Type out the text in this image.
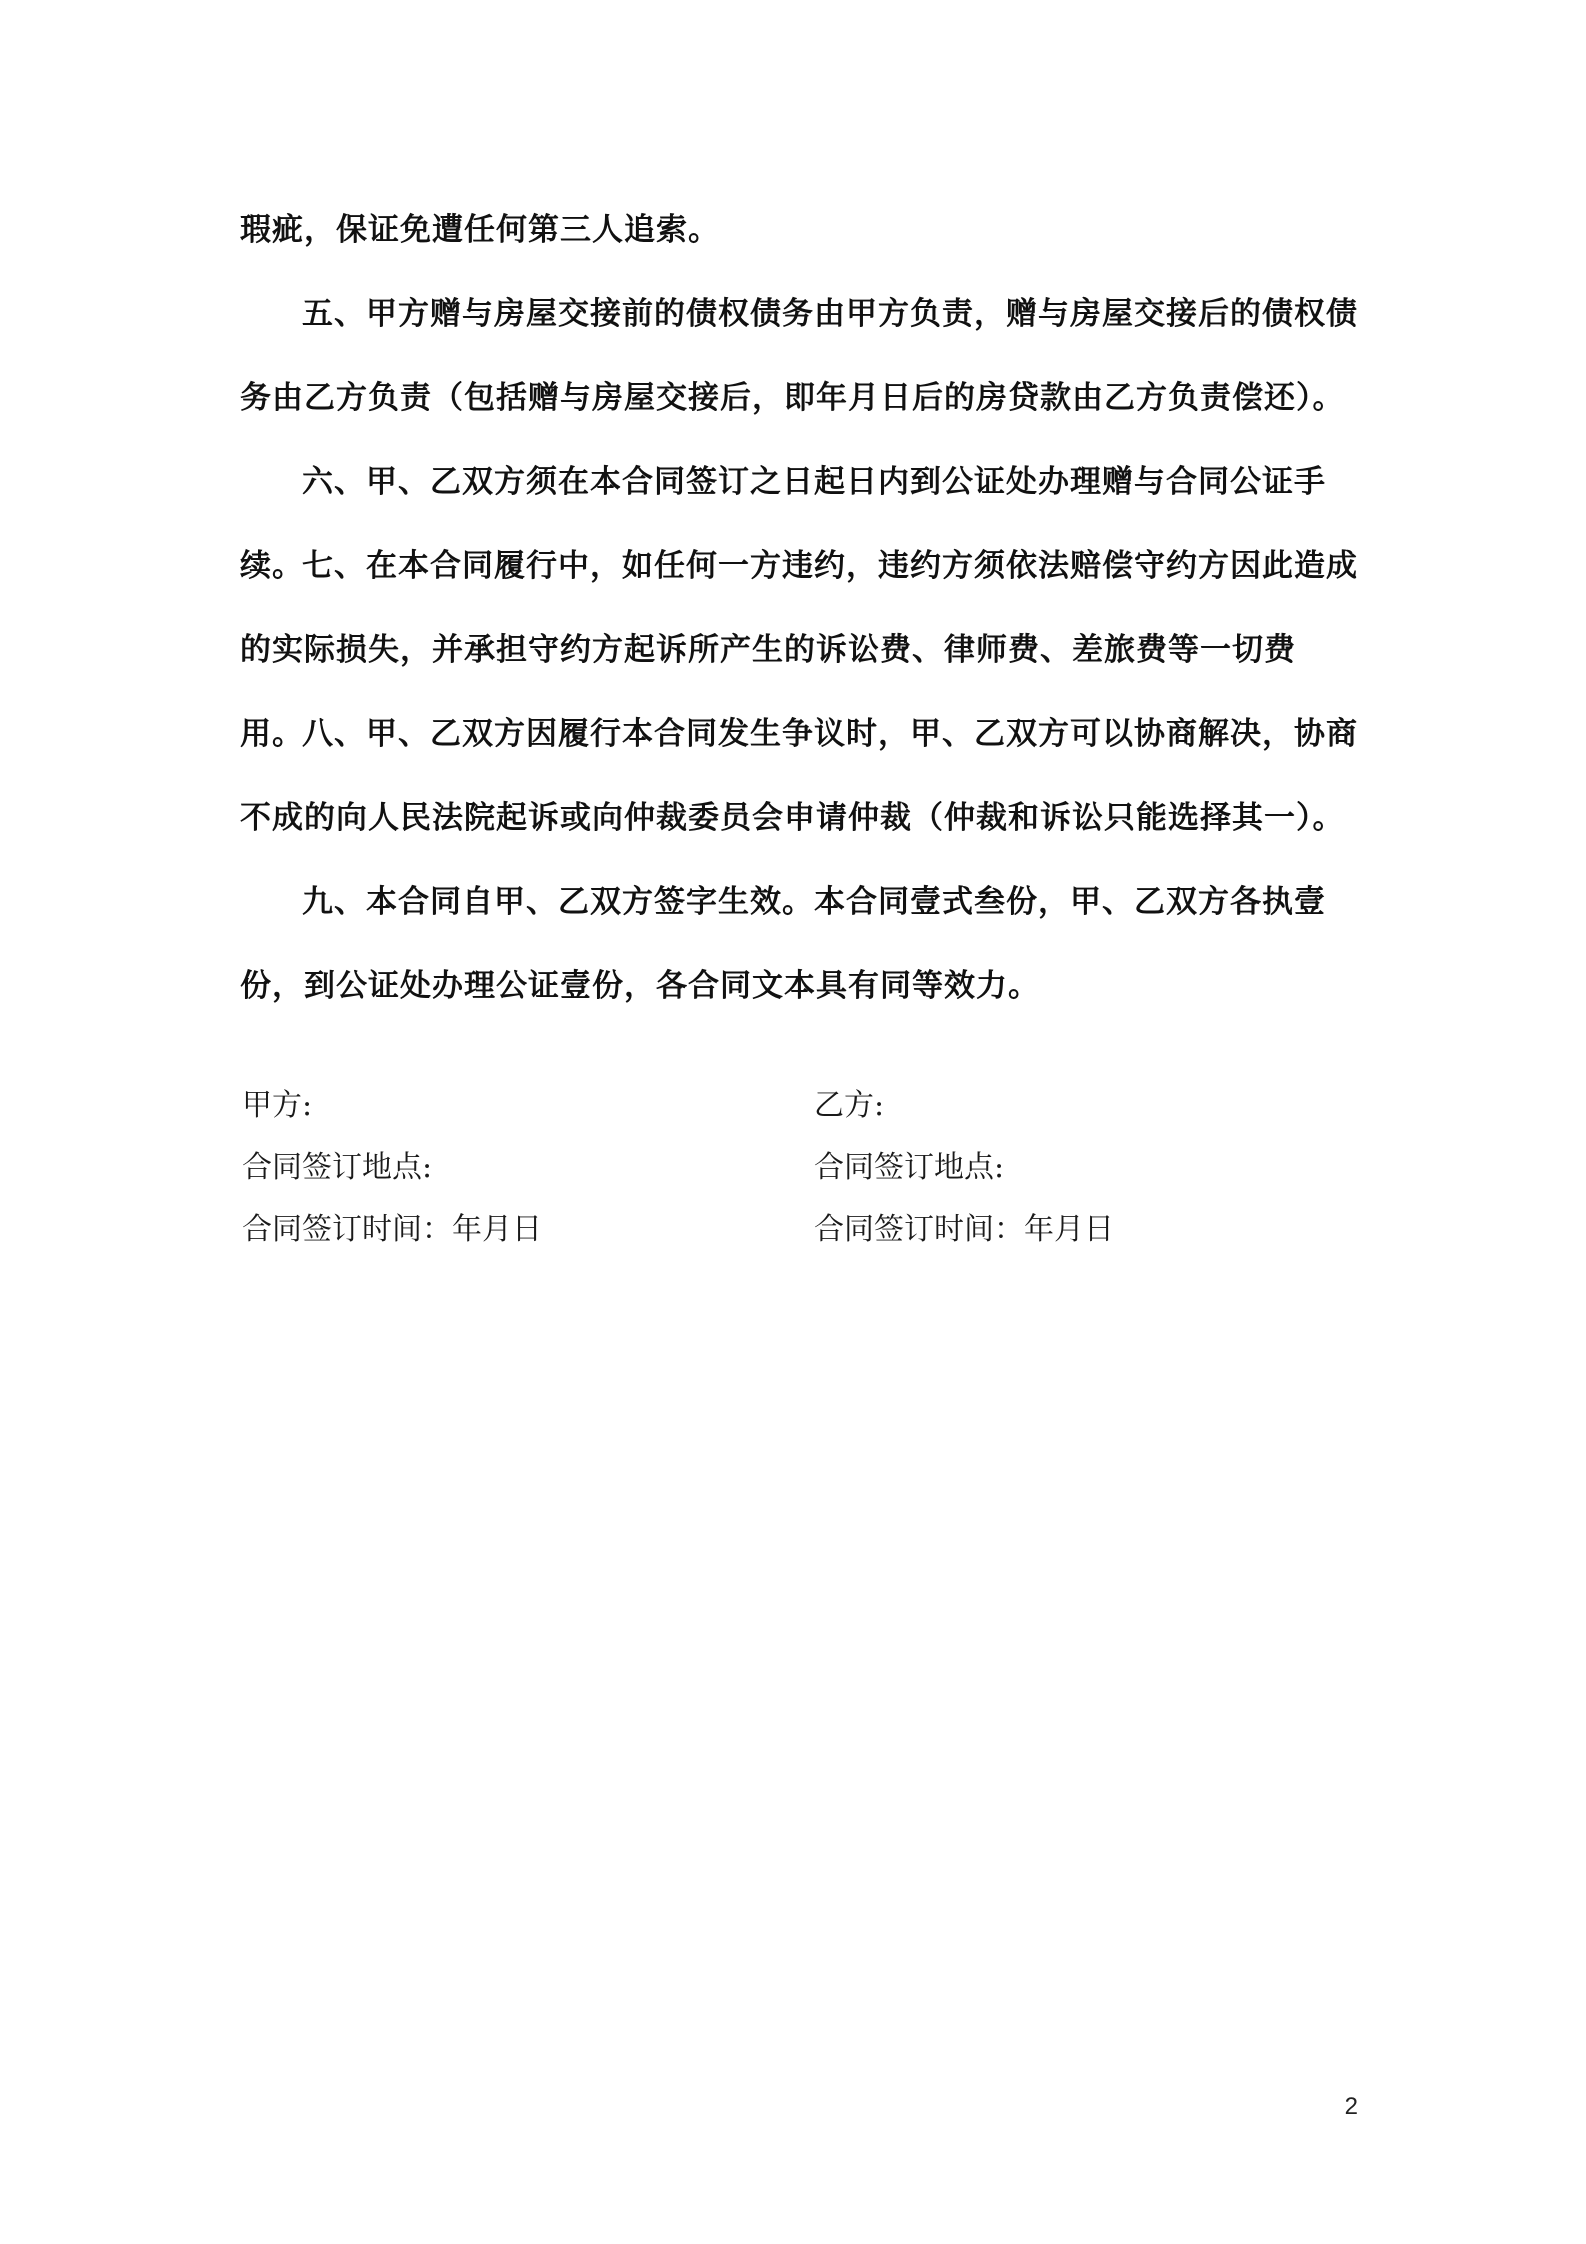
瑕疵，保证免遭任何第三人追索。

五、甲方赠与房屋交接前的债权债务由甲方负责，赠与房屋交接后的债权债务由乙方负责（包括赠与房屋交接后，即年月日后的房贷款由乙方负责偿还）。

六、甲、乙双方须在本合同签订之日起日内到公证处办理赠与合同公证手续。

七、在本合同履行中，如任何一方违约，违约方须依法赔偿守约方因此造成的实际损失，并承担守约方起诉所产生的诉讼费、律师费、差旅费等一切费用。

八、甲、乙双方因履行本合同发生争议时，甲、乙双方可以协商解决，协商不成的向人民法院起诉或向仲裁委员会申请仲裁（仲裁和诉讼只能选择其一）。

九、本合同自甲、乙双方签字生效。本合同壹式叁份，甲、乙双方各执壹份，到公证处办理公证壹份，各合同文本具有同等效力。

甲方:

合同签订地点:

合同签订时间：年月日

乙方:

合同签订地点:

合同签订时间：年月日

2
